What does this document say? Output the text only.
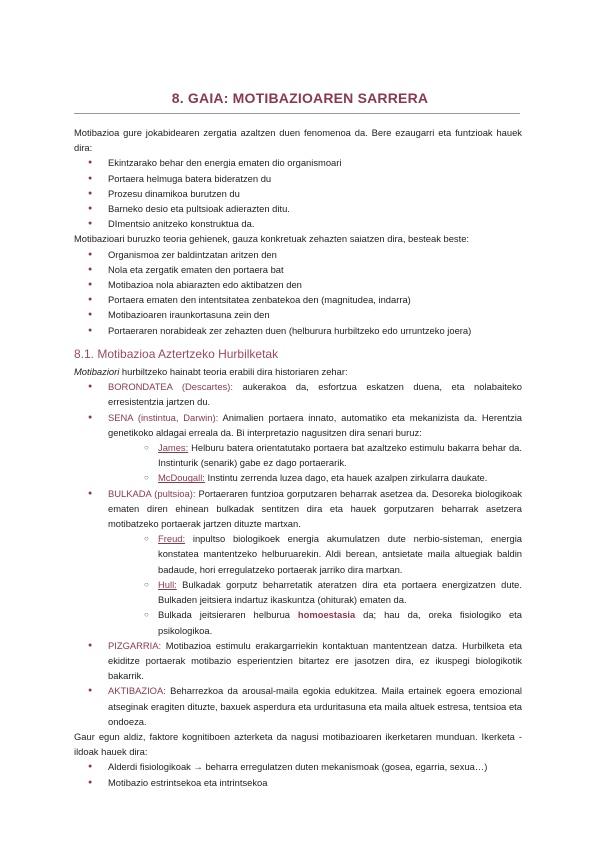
8. GAIA: MOTIBAZIOAREN SARRERA
Motibazioa gure jokabidearen zergatia azaltzen duen fenomenoa da. Bere ezaugarri eta funtzioak hauek dira:
● Ekintzarako behar den energia ematen dio organismoari
● Portaera helmuga batera bideratzen du
● Prozesu dinamikoa burutzen du
● Barneko desio eta pultsioak adierazten ditu.
● DImentsio anitzeko konstruktua da.
Motibazioari buruzko teoria gehienek, gauza konkretuak zehazten saiatzen dira, besteak beste:
● Organismoa zer baldintzatan aritzen den
● Nola eta zergatik ematen den portaera bat
● Motibazioa nola abiarazten edo aktibatzen den
● Portaera ematen den intentsitatea zenbatekoa den (magnitudea, indarra)
● Motibazioaren iraunkortasuna zein den
● Portaeraren norabideak zer zehazten duen (helburura hurbiltzeko edo urruntzeko joera)
8.1. Motibazioa Aztertzeko Hurbilketak
Motibaziori hurbiltzeko hainabt teoria erabili dira historiaren zehar:
● BORONDATEA (Descartes): aukerakoa da, esfortzua eskatzen duena, eta nolabaiteko erresistentzia jartzen du.
● SENA (instintua, Darwin): Animalien portaera innato, automatiko eta mekanizista da. Herentzia genetikoko aldagai erreala da. Bi interpretazio nagusitzen dira senari buruz:
○ James: Helburu batera orientatutako portaera bat azaltzeko estimulu bakarra behar da. Instinturik (senarik) gabe ez dago portaerarik.
○ McDougall: Instintu zerrenda luzea dago, eta hauek azalpen zirkularra daukate.
● BULKADA (pultsioa): Portaeraren funtzioa gorputzaren beharrak asetzea da. Desoreka biologikoak ematen diren ehinean bulkadak sentitzen dira eta hauek gorputzaren beharrak asetzera motibatzeko portaerak jartzen dituzte martxan.
○ Freud: inpultso biologikoek energia akumulatzen dute nerbio-sisteman, energia konstatea mantentzeko helburuarekin. Aldi berean, antsietate maila altuegiak baldin badaude, hori erregulatzeko portaerak jarriko dira martxan.
○ Hull: Bulkadak gorputz beharretatik ateratzen dira eta portaera energizatzen dute. Bulkaden jeitsiera indartuz ikaskuntza (ohiturak) ematen da.
○ Bulkada jeitsieraren helburua homoestasia da; hau da, oreka fisiologiko eta psikologikoa.
● PIZGARRIA: Motibazioa estimulu erakargarriekin kontaktuan mantentzean datza. Hurbilketa eta ekiditze portaerak motibazio esperientzien bitartez ere jasotzen dira, ez ikuspegi biologikotik bakarrik.
● AKTIBAZIOA: Beharrezkoa da arousal-maila egokia edukitzea. Maila ertainek egoera emozional atseginak eragiten dituzte, baxuek asperdura eta urduritasuna eta maila altuek estresa, tentsioa eta ondoeza.
Gaur egun aldiz, faktore kognitiboen azterketa da nagusi motibazioaren ikerketaren munduan. Ikerketa -ildoak hauek dira:
● Alderdi fisiologikoak → beharra erregulatzen duten mekanismoak (gosea, egarria, sexua…)
● Motibazio estrintsekoa eta intrintsekoa
